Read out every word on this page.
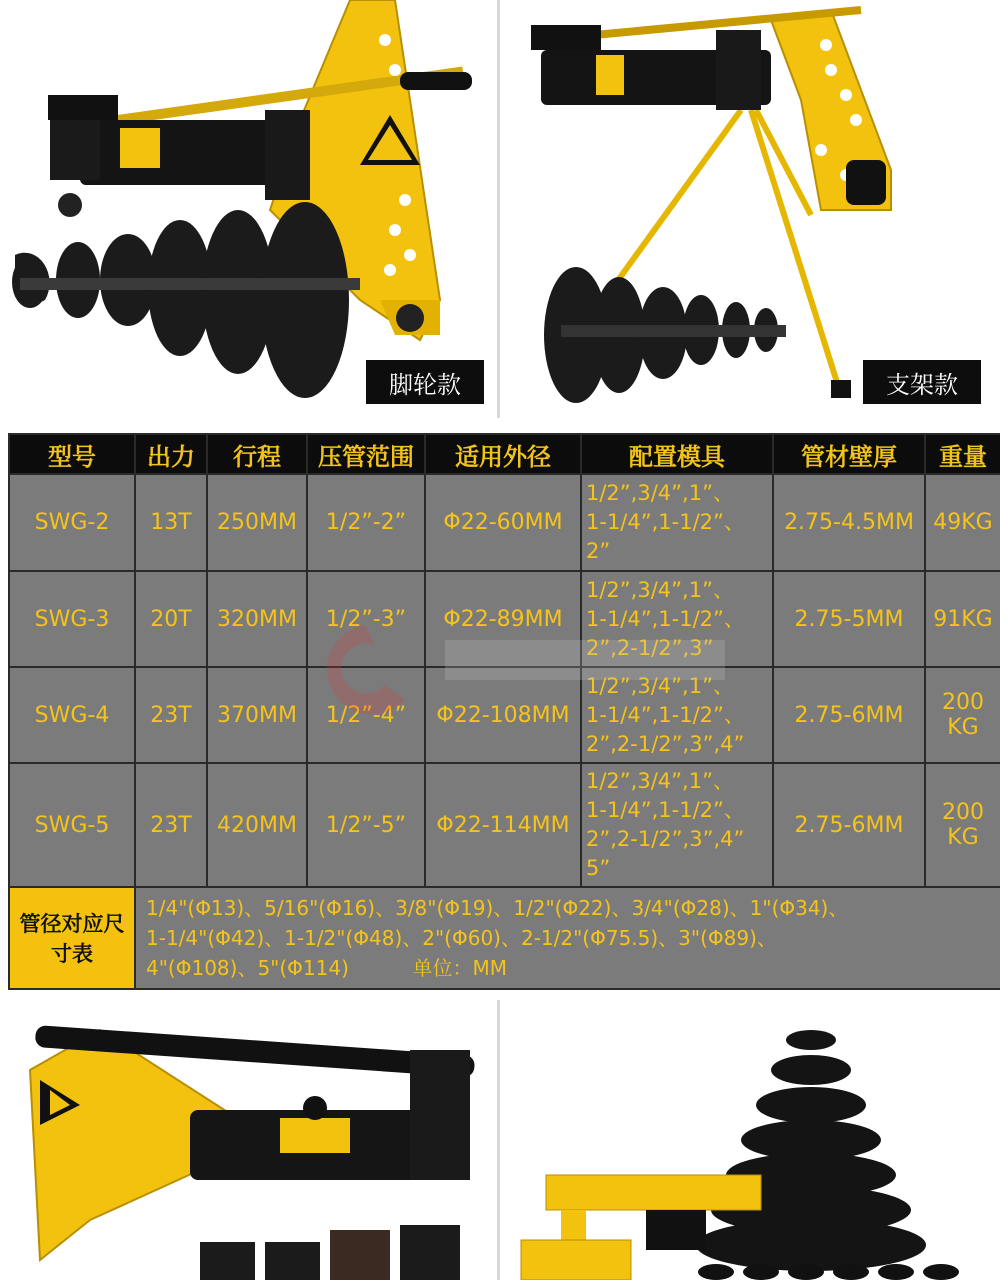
脚轮款	支架款
型号	出力	行程	压管范围	适用外径	配置模具	管材壁厚	重量
SWG-2	13T	250MM	1/2”-2”	Φ22-60MM	1/2”,3/4”,1”、
1-1/4”,1-1/2”、
2”	2.75-4.5MM	49KG
SWG-3	20T	320MM	1/2”-3”	Φ22-89MM	1/2”,3/4”,1”、
1-1/4”,1-1/2”、
2”,2-1/2”,3”	2.75-5MM	91KG
SWG-4	23T	370MM	1/2”-4”	Φ22-108MM	1/2”,3/4”,1”、
1-1/4”,1-1/2”、
2”,2-1/2”,3”,4”	2.75-6MM	200
KG
SWG-5	23T	420MM	1/2”-5”	Φ22-114MM	1/2”,3/4”,1”、
1-1/4”,1-1/2”、
2”,2-1/2”,3”,4”
5”	2.75-6MM	200
KG
管径对应尺寸表	1/4"(Φ13)、5/16"(Φ16)、3/8"(Φ19)、1/2"(Φ22)、3/4"(Φ28)、1"(Φ34)、
1-1/4"(Φ42)、1-1/2"(Φ48)、2"(Φ60)、2-1/2"(Φ75.5)、3"(Φ89)、
4"(Φ108)、5"(Φ114)          单位：MM						
